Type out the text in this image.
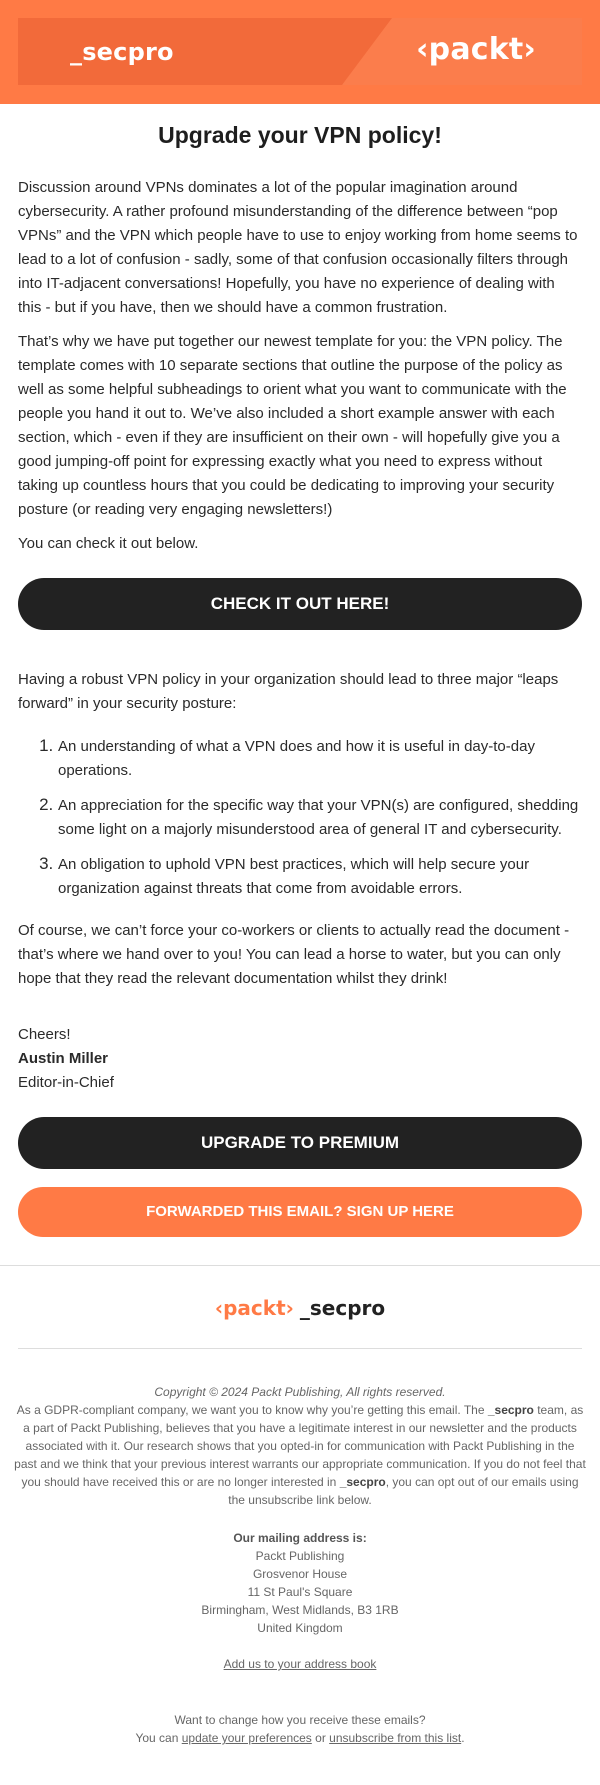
_secpro	‹packt›
Upgrade your VPN policy!

Discussion around VPNs dominates a lot of the popular imagination around cybersecurity. A rather profound misunderstanding of the difference between “pop VPNs” and the VPN which people have to use to enjoy working from home seems to lead to a lot of confusion - sadly, some of that confusion occasionally filters through into IT-adjacent conversations! Hopefully, you have no experience of dealing with this - but if you have, then we should have a common frustration.

That’s why we have put together our newest template for you: the VPN policy. The template comes with 10 separate sections that outline the purpose of the policy as well as some helpful subheadings to orient what you want to communicate with the people you hand it out to. We’ve also included a short example answer with each section, which - even if they are insufficient on their own - will hopefully give you a good jumping-off point for expressing exactly what you need to express without taking up countless hours that you could be dedicating to improving your security posture (or reading very engaging newsletters!)

You can check it out below.

CHECK IT OUT HERE!

Having a robust VPN policy in your organization should lead to three major “leaps forward” in your security posture:

1. An understanding of what a VPN does and how it is useful in day-to-day operations.
2. An appreciation for the specific way that your VPN(s) are configured, shedding some light on a majorly misunderstood area of general IT and cybersecurity.
3. An obligation to uphold VPN best practices, which will help secure your organization against threats that come from avoidable errors.

Of course, we can’t force your co-workers or clients to actually read the document - that’s where we hand over to you! You can lead a horse to water, but you can only hope that they read the relevant documentation whilst they drink!

Cheers!
Austin Miller
Editor-in-Chief
UPGRADE TO PREMIUM
FORWARDED THIS EMAIL? SIGN UP HERE
‹packt› _secpro
Copyright © 2024 Packt Publishing, All rights reserved.
As a GDPR-compliant company, we want you to know why you’re getting this email. The _secpro team, as a part of Packt Publishing, believes that you have a legitimate interest in our newsletter and the products associated with it. Our research shows that you opted-in for communication with Packt Publishing in the past and we think that your previous interest warrants our appropriate communication. If you do not feel that you should have received this or are no longer interested in _secpro, you can opt out of our emails using the unsubscribe link below.
Our mailing address is:
Packt Publishing
Grosvenor House
11 St Paul's Square
Birmingham, West Midlands, B3 1RB
United Kingdom
Add us to your address book
Want to change how you receive these emails?
You can update your preferences or unsubscribe from this list.
